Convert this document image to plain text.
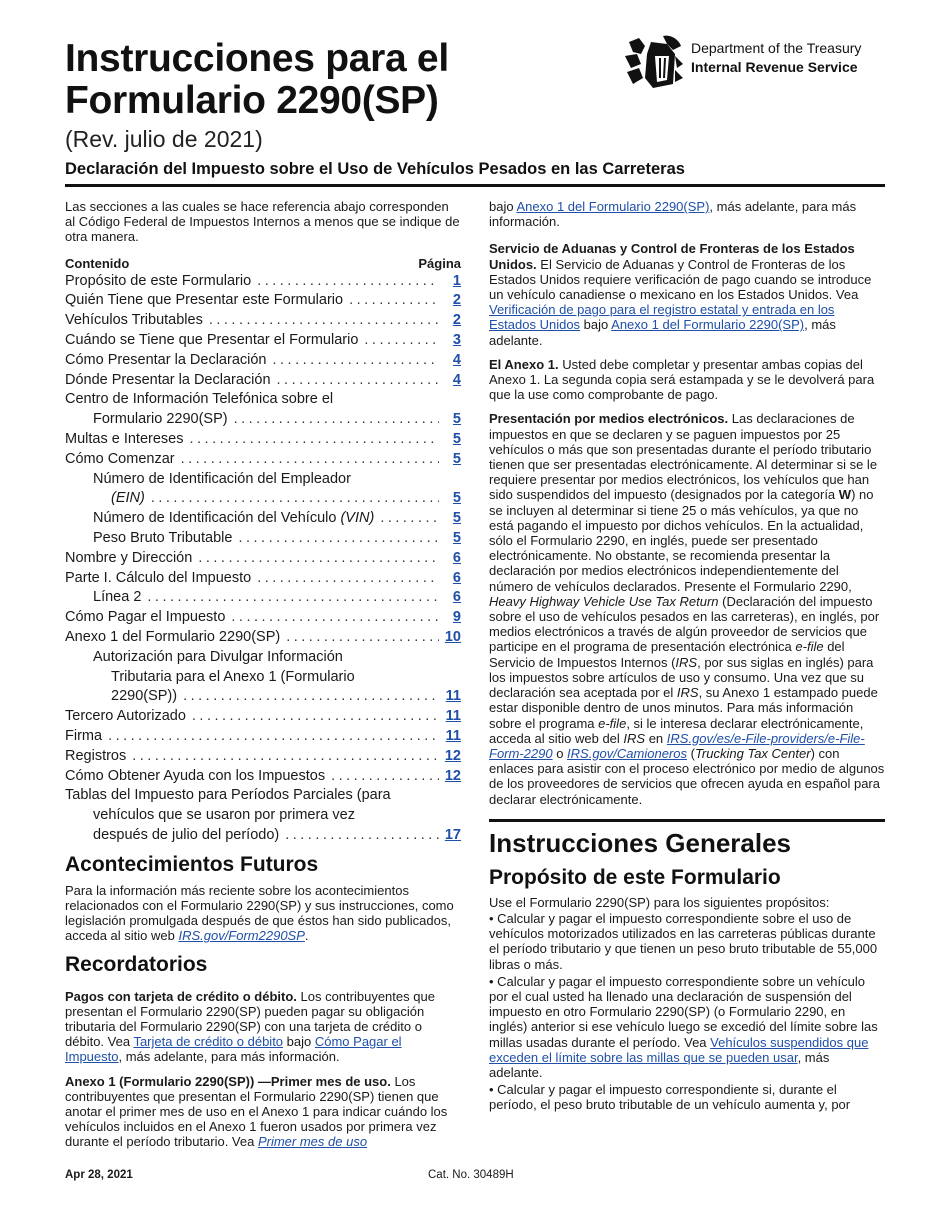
Instrucciones para el
Formulario 2290(SP)
(Rev. julio de 2021)
Declaración del Impuesto sobre el Uso de Vehículos Pesados en las Carreteras
Department of the Treasury
Internal Revenue Service

Las secciones a las cuales se hace referencia abajo corresponden al Código Federal de Impuestos Internos a menos que se indique de otra manera.

Contenido	Página
Propósito de este Formulario .....	1
Quién Tiene que Presentar este Formulario .....	2
Vehículos Tributables .....	2
Cuándo se Tiene que Presentar el Formulario .....	3
Cómo Presentar la Declaración .....	4
Dónde Presentar la Declaración .....	4
Centro de Información Telefónica sobre el
Formulario 2290(SP) .....	5
Multas e Intereses .....	5
Cómo Comenzar .....	5
Número de Identificación del Empleador
(EIN) .....	5
Número de Identificación del Vehículo (VIN) .....	5
Peso Bruto Tributable .....	5
Nombre y Dirección .....	6
Parte I. Cálculo del Impuesto .....	6
Línea 2 .....	6
Cómo Pagar el Impuesto .....	9
Anexo 1 del Formulario 2290(SP) .....	10
Autorización para Divulgar Información
Tributaria para el Anexo 1 (Formulario
2290(SP)) .....	11
Tercero Autorizado .....	11
Firma .....	11
Registros .....	12
Cómo Obtener Ayuda con los Impuestos .....	12
Tablas del Impuesto para Períodos Parciales (para
vehículos que se usaron por primera vez
después de julio del período) .....	17
Acontecimientos Futuros

Para la información más reciente sobre los acontecimientos relacionados con el Formulario 2290(SP) y sus instrucciones, como legislación promulgada después de que éstos han sido publicados, acceda al sitio web IRS.gov/Form2290SP.

Recordatorios

Pagos con tarjeta de crédito o débito. Los contribuyentes que presentan el Formulario 2290(SP) pueden pagar su obligación tributaria del Formulario 2290(SP) con una tarjeta de crédito o débito. Vea Tarjeta de crédito o débito bajo Cómo Pagar el Impuesto, más adelante, para más información.

Anexo 1 (Formulario 2290(SP)) —Primer mes de uso. Los contribuyentes que presentan el Formulario 2290(SP) tienen que anotar el primer mes de uso en el Anexo 1 para indicar cuándo los vehículos incluidos en el Anexo 1 fueron usados por primera vez durante el período tributario. Vea Primer mes de uso

bajo Anexo 1 del Formulario 2290(SP), más adelante, para más información.

Servicio de Aduanas y Control de Fronteras de los Estados Unidos. El Servicio de Aduanas y Control de Fronteras de los Estados Unidos requiere verificación de pago cuando se introduce un vehículo canadiense o mexicano en los Estados Unidos. Vea Verificación de pago para el registro estatal y entrada en los Estados Unidos bajo Anexo 1 del Formulario 2290(SP), más adelante.

El Anexo 1. Usted debe completar y presentar ambas copias del Anexo 1. La segunda copia será estampada y se le devolverá para que la use como comprobante de pago.

Presentación por medios electrónicos. Las declaraciones de impuestos en que se declaren y se paguen impuestos por 25 vehículos o más que son presentadas durante el período tributario tienen que ser presentadas electrónicamente. Al determinar si se le requiere presentar por medios electrónicos, los vehículos que han sido suspendidos del impuesto (designados por la categoría W) no se incluyen al determinar si tiene 25 o más vehículos, ya que no está pagando el impuesto por dichos vehículos. En la actualidad, sólo el Formulario 2290, en inglés, puede ser presentado electrónicamente. No obstante, se recomienda presentar la declaración por medios electrónicos independientemente del número de vehículos declarados. Presente el Formulario 2290, Heavy Highway Vehicle Use Tax Return (Declaración del impuesto sobre el uso de vehículos pesados en las carreteras), en inglés, por medios electrónicos a través de algún proveedor de servicios que participe en el programa de presentación electrónica e-file del Servicio de Impuestos Internos (IRS, por sus siglas en inglés) para los impuestos sobre artículos de uso y consumo. Una vez que su declaración sea aceptada por el IRS, su Anexo 1 estampado puede estar disponible dentro de unos minutos. Para más información sobre el programa e-file, si le interesa declarar electrónicamente, acceda al sitio web del IRS en IRS.gov/es/e-File-providers/e-File-Form-2290 o IRS.gov/Camioneros (Trucking Tax Center) con enlaces para asistir con el proceso electrónico por medio de algunos de los proveedores de servicios que ofrecen ayuda en español para declarar electrónicamente.

Instrucciones Generales
Propósito de este Formulario

Use el Formulario 2290(SP) para los siguientes propósitos:

• Calcular y pagar el impuesto correspondiente sobre el uso de vehículos motorizados utilizados en las carreteras públicas durante el período tributario y que tienen un peso bruto tributable de 55,000 libras o más.

• Calcular y pagar el impuesto correspondiente sobre un vehículo por el cual usted ha llenado una declaración de suspensión del impuesto en otro Formulario 2290(SP) (o Formulario 2290, en inglés) anterior si ese vehículo luego se excedió del límite sobre las millas usadas durante el período. Vea Vehículos suspendidos que exceden el límite sobre las millas que se pueden usar, más adelante.

• Calcular y pagar el impuesto correspondiente si, durante el período, el peso bruto tributable de un vehículo aumenta y, por

Apr 28, 2021	Cat. No. 30489H
